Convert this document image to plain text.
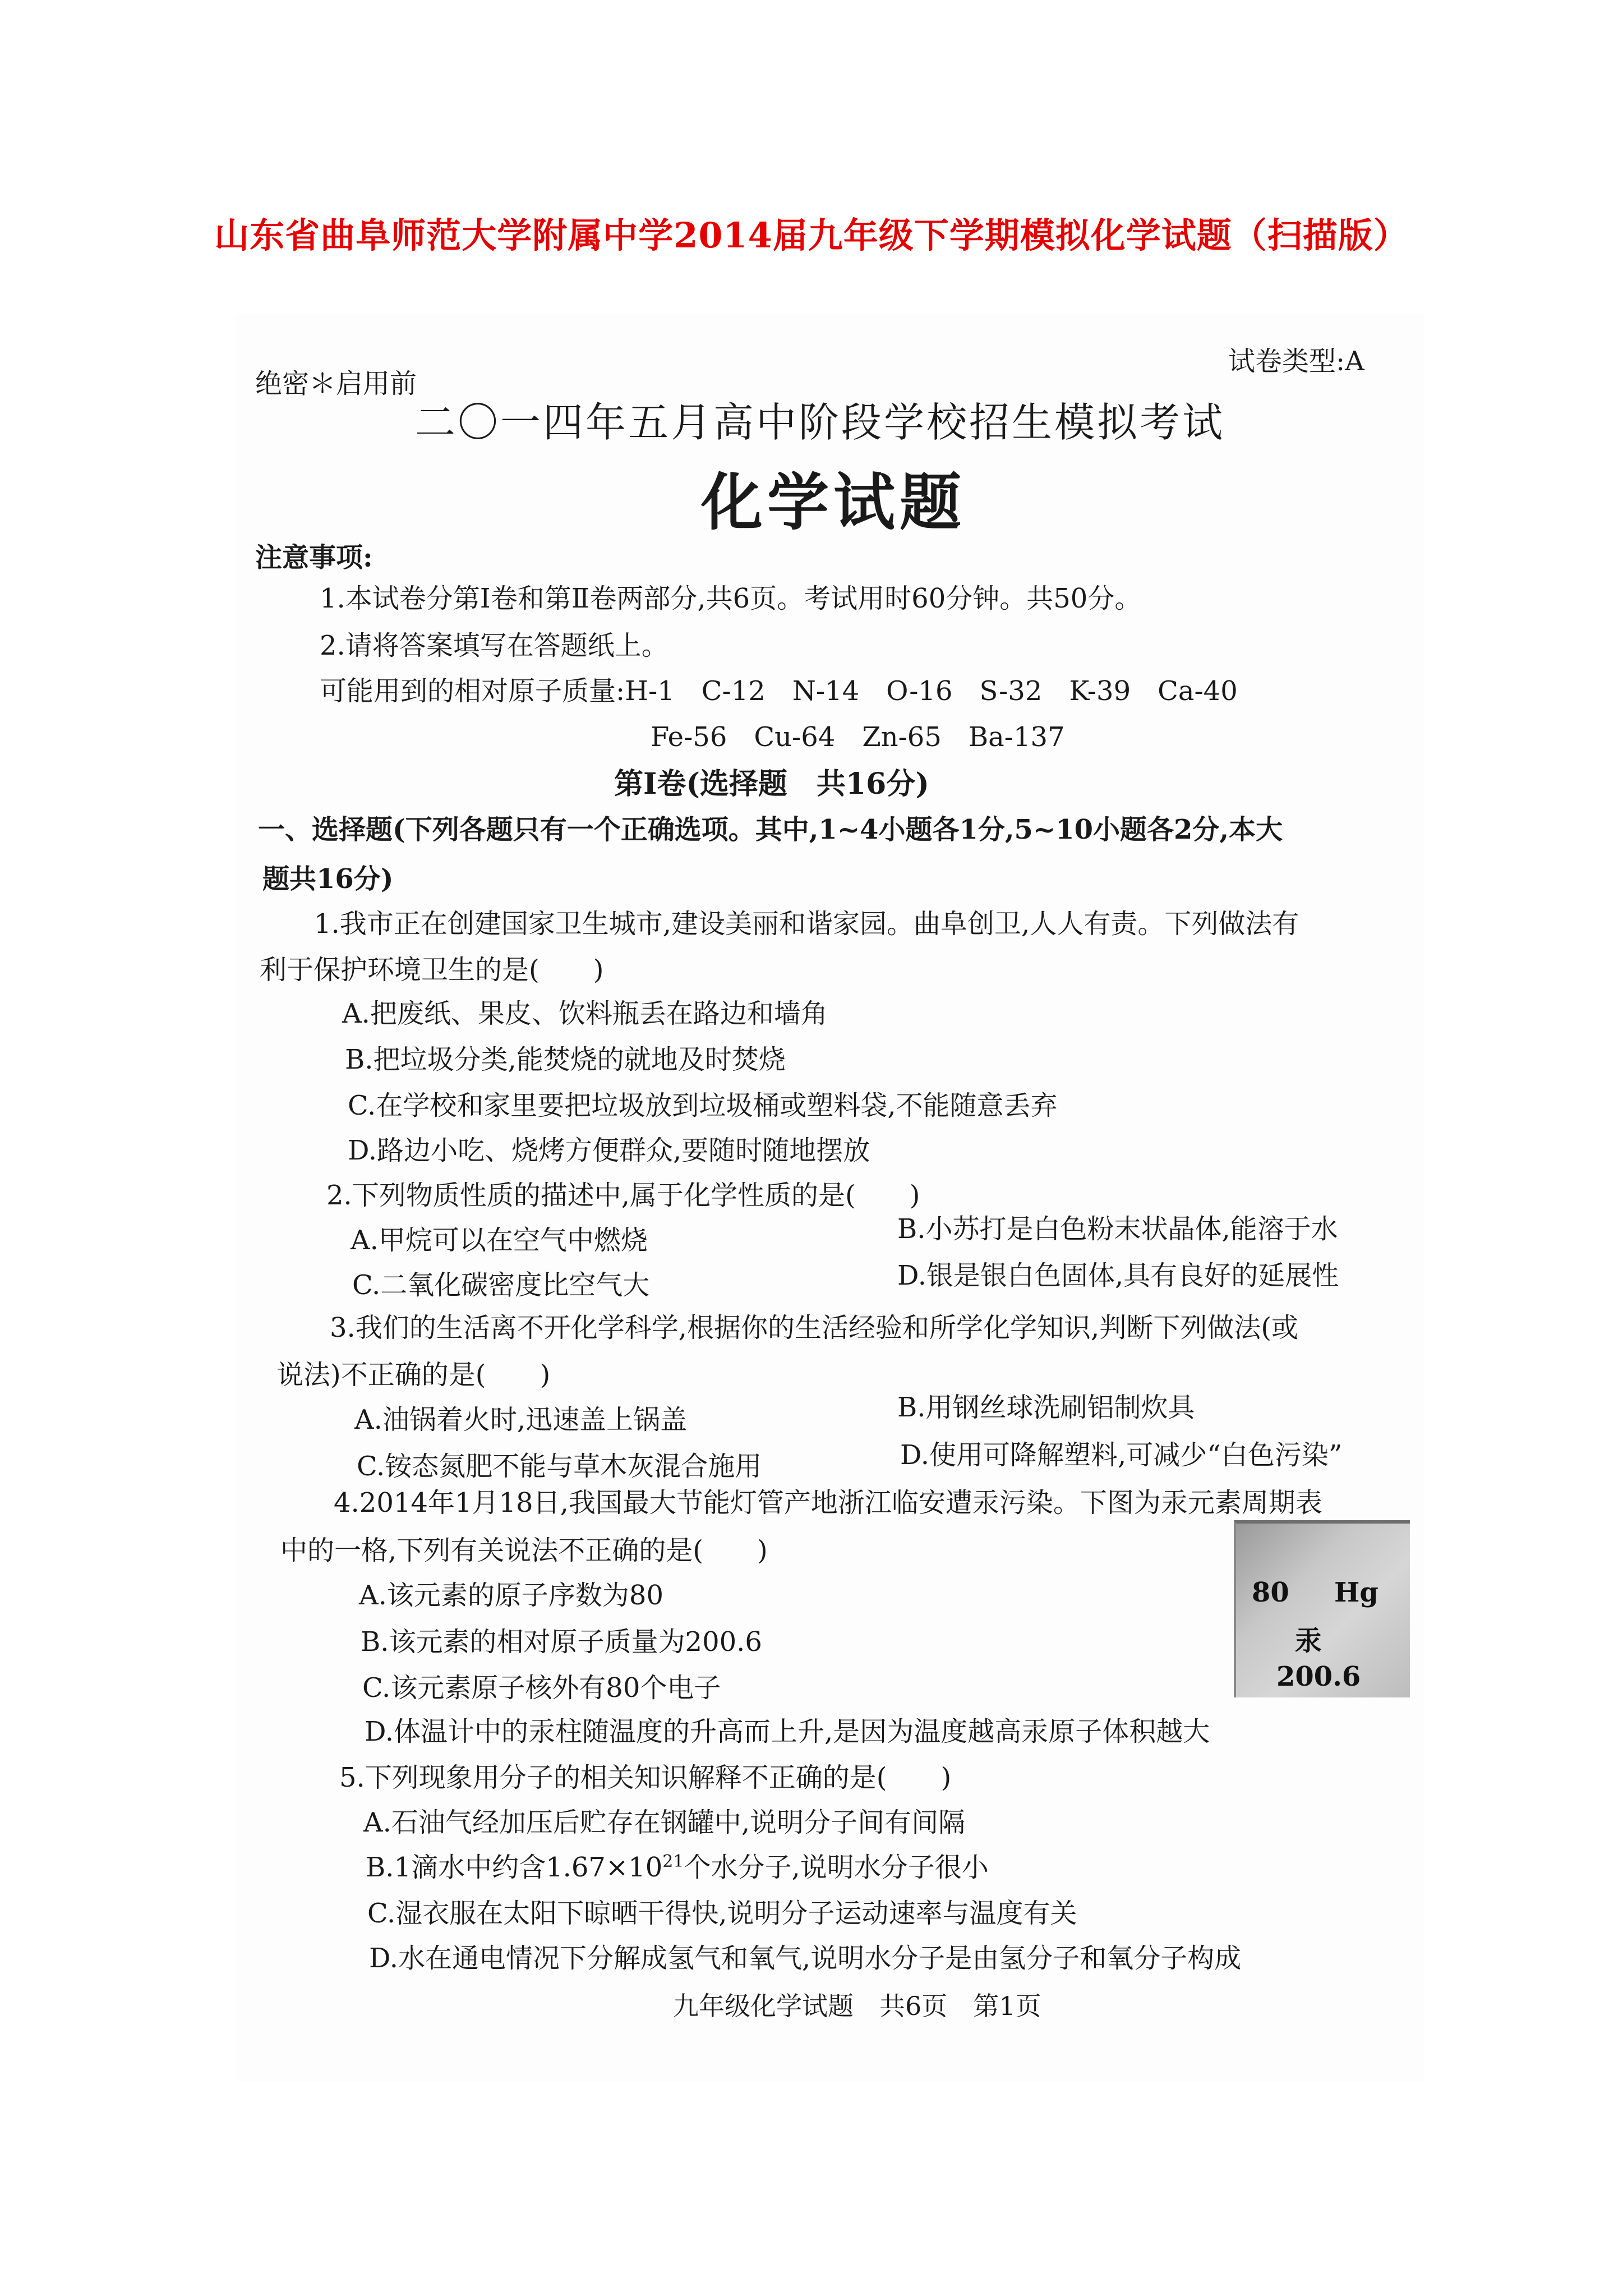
山东省曲阜师范大学附属中学2014届九年级下学期模拟化学试题（扫描版）
绝密＊启用前
试卷类型:A
二〇一四年五月高中阶段学校招生模拟考试
化学试题
注意事项:
1.本试卷分第Ⅰ卷和第Ⅱ卷两部分,共6页。考试用时60分钟。共50分。
2.请将答案填写在答题纸上。
可能用到的相对原子质量:H-1　C-12　N-14　O-16　S-32　K-39　Ca-40
Fe-56　Cu-64　Zn-65　Ba-137
第Ⅰ卷(选择题　共16分)
一、选择题(下列各题只有一个正确选项。其中,1~4小题各1分,5~10小题各2分,本大
题共16分)
1.我市正在创建国家卫生城市,建设美丽和谐家园。曲阜创卫,人人有责。下列做法有
利于保护环境卫生的是(　　)
A.把废纸、果皮、饮料瓶丢在路边和墙角
B.把垃圾分类,能焚烧的就地及时焚烧
C.在学校和家里要把垃圾放到垃圾桶或塑料袋,不能随意丢弃
D.路边小吃、烧烤方便群众,要随时随地摆放
2.下列物质性质的描述中,属于化学性质的是(　　)
A.甲烷可以在空气中燃烧	B.小苏打是白色粉末状晶体,能溶于水
C.二氧化碳密度比空气大	D.银是银白色固体,具有良好的延展性
3.我们的生活离不开化学科学,根据你的生活经验和所学化学知识,判断下列做法(或
说法)不正确的是(　　)
A.油锅着火时,迅速盖上锅盖	B.用钢丝球洗刷铝制炊具
C.铵态氮肥不能与草木灰混合施用	D.使用可降解塑料,可减少“白色污染”
4.2014年1月18日,我国最大节能灯管产地浙江临安遭汞污染。下图为汞元素周期表
中的一格,下列有关说法不正确的是(　　)
A.该元素的原子序数为80
B.该元素的相对原子质量为200.6
C.该元素原子核外有80个电子
D.体温计中的汞柱随温度的升高而上升,是因为温度越高汞原子体积越大
80 Hg
汞
200.6
5.下列现象用分子的相关知识解释不正确的是(　　)
A.石油气经加压后贮存在钢罐中,说明分子间有间隔
B.1滴水中约含$1.67\times 10^{21}$个水分子,说明水分子很小
C.湿衣服在太阳下晾晒干得快,说明分子运动速率与温度有关
D.水在通电情况下分解成氢气和氧气,说明水分子是由氢分子和氧分子构成
九年级化学试题　共6页　第1页
